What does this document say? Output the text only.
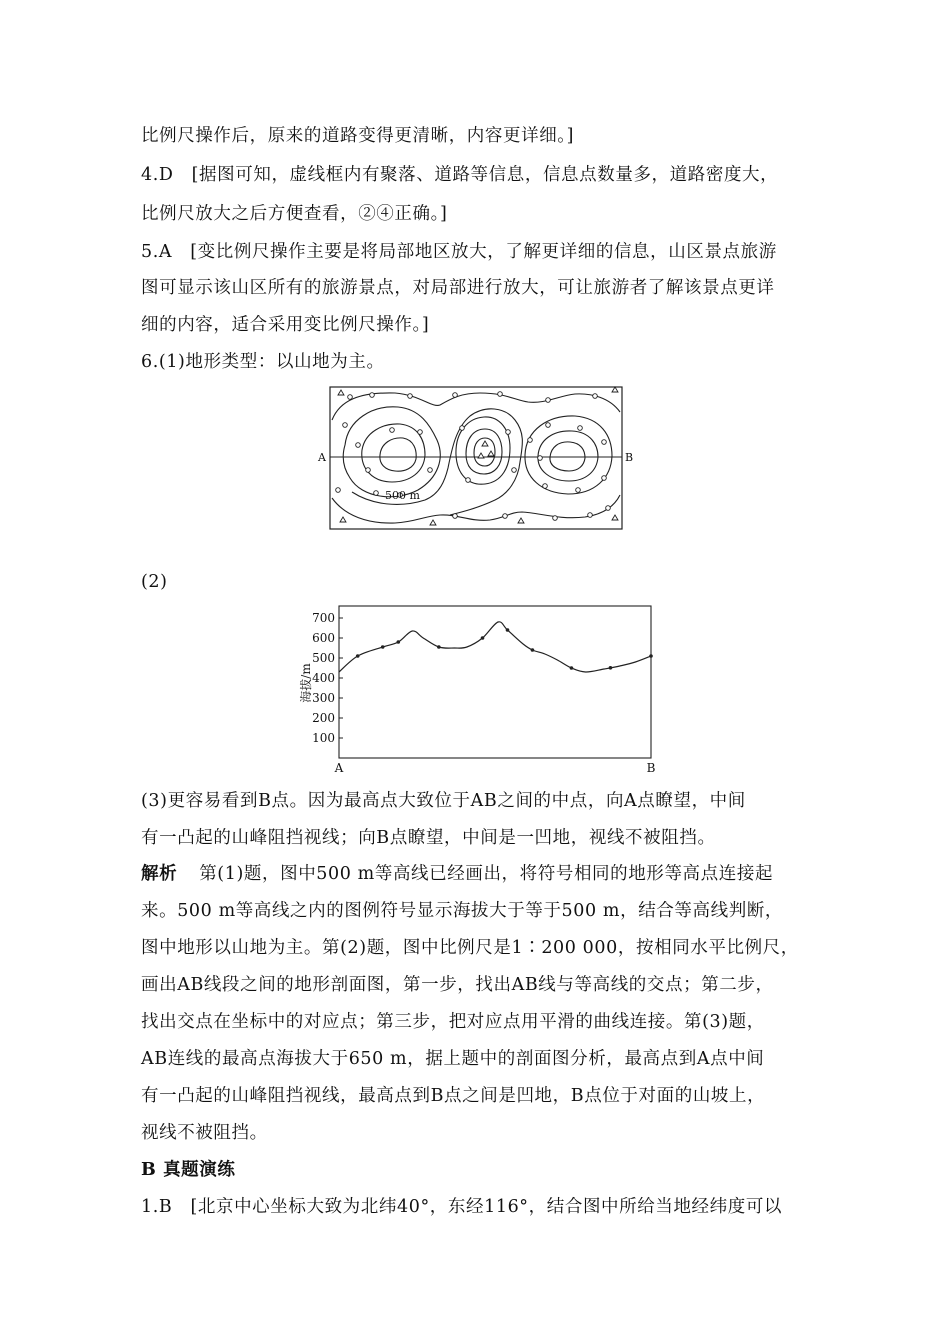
比例尺操作后，原来的道路变得更清晰，内容更详细。]
4.D　[据图可知，虚线框内有聚落、道路等信息，信息点数量多，道路密度大，
比例尺放大之后方便查看，②④正确。]
5.A　[变比例尺操作主要是将局部地区放大，了解更详细的信息，山区景点旅游
图可显示该山区所有的旅游景点，对局部进行放大，可让旅游者了解该景点更详
细的内容，适合采用变比例尺操作。]
6.(1)地形类型：以山地为主。
A	B
500 m
(2)
100
200
300
400
500
600
700
A	B
海拔/m
(3)更容易看到B点。因为最高点大致位于AB之间的中点，向A点瞭望，中间
有一凸起的山峰阻挡视线；向B点瞭望，中间是一凹地，视线不被阻挡。
解析 第(1)题，图中500 m等高线已经画出，将符号相同的地形等高点连接起
来。500 m等高线之内的图例符号显示海拔大于等于500 m，结合等高线判断，
图中地形以山地为主。第(2)题，图中比例尺是1∶200 000，按相同水平比例尺，
画出AB线段之间的地形剖面图，第一步，找出AB线与等高线的交点；第二步，
找出交点在坐标中的对应点；第三步，把对应点用平滑的曲线连接。第(3)题，
AB连线的最高点海拔大于650 m，据上题中的剖面图分析，最高点到A点中间
有一凸起的山峰阻挡视线，最高点到B点之间是凹地，B点位于对面的山坡上，
视线不被阻挡。
B 真题演练
1.B　[北京中心坐标大致为北纬40°，东经116°，结合图中所给当地经纬度可以
